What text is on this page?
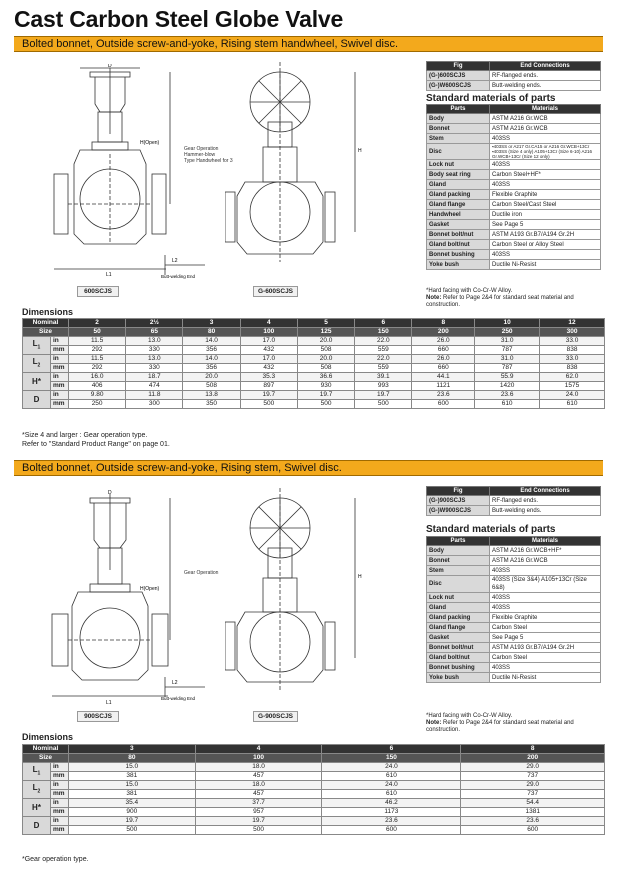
Cast Carbon Steel Globe Valve
Bolted bonnet, Outside screw-and-yoke, Rising stem handwheel, Swivel disc.
D
H(Open)
L1
L2
Butt-welding End
H
Gear Operation
Hammer-blow
Type Handwheel for 3
600SCJS	G-600SCJS
Fig	End Connections
(G-)600SCJS	RF-flanged ends.
(G-)W600SCJS	Butt-welding ends.
Standard materials of parts
Parts	Materials
Body	ASTM A216 Gr.WCB
Bonnet	ASTM A216 Gr.WCB
Stem	403SS
Disc	▪403SS or A217 Gr.CA15 or A216 Gr.WCB+13Cr ▪403SS (Size 4 only) A105+13Cr (Size 6-10) A216 Gr.WCB+13Cr (Size 12 only)
Lock nut	403SS
Body seat ring	Carbon Steel+HF*
Gland	403SS
Gland packing	Flexible Graphite
Gland flange	Carbon Steel/Cast Steel
Handwheel	Ductile iron
Gasket	See Page 5
Bonnet bolt/nut	ASTM A193 Gr.B7/A194 Gr.2H
Gland bolt/nut	Carbon Steel or Alloy Steel
Bonnet bushing	403SS
Yoke bush	Ductile Ni-Resist
*Hard facing with Co-Cr-W Alloy.
Note: Refer to Page 2&4 for standard seat material and construction.
Dimensions
Nominal		2	2½	3	4	5	6	8	10	12
Size		50	65	80	100	125	150	200	250	300
$L_1$	in	11.5	13.0	14.0	17.0	20.0	22.0	26.0	31.0	33.0
	mm	292	330	356	432	508	559	660	787	838
$L_2$	in	11.5	13.0	14.0	17.0	20.0	22.0	26.0	31.0	33.0
	mm	292	330	356	432	508	559	660	787	838
H*	in	16.0	18.7	20.0	35.3	36.6	39.1	44.1	55.9	62.0
	mm	406	474	508	897	930	993	1121	1420	1575
D	in	9.80	11.8	13.8	19.7	19.7	19.7	23.6	23.6	24.0
	mm	250	300	350	500	500	500	600	610	610
*Size 4 and larger : Gear operation type.
Refer to "Standard Product Range" on page 01.
Bolted bonnet, Outside screw-and-yoke, Rising stem, Swivel disc.
D
H(Open)
L1
L2
Butt-welding End
H
Gear Operation
900SCJS	G-900SCJS
Fig	End Connections
(G-)900SCJS	RF-flanged ends.
(G-)W900SCJS	Butt-welding ends.
Standard materials of parts
Parts	Materials
Body	ASTM A216 Gr.WCB+HF*
Bonnet	ASTM A216 Gr.WCB
Stem	403SS
Disc	403SS (Size 3&4) A105+13Cr (Size 6&8)
Lock nut	403SS
Gland	403SS
Gland packing	Flexible Graphite
Gland flange	Carbon Steel
Gasket	See Page 5
Bonnet bolt/nut	ASTM A193 Gr.B7/A194 Gr.2H
Gland bolt/nut	Carbon Steel
Bonnet bushing	403SS
Yoke bush	Ductile Ni-Resist
*Hard facing with Co-Cr-W Alloy.
Note: Refer to Page 2&4 for standard seat material and construction.
Dimensions
Nominal		3	4	6	8
Size		80	100	150	200
$L_1$	in	15.0	18.0	24.0	29.0
	mm	381	457	610	737
$L_2$	in	15.0	18.0	24.0	29.0
	mm	381	457	610	737
H*	in	35.4	37.7	46.2	54.4
	mm	900	957	1173	1381
D	in	19.7	19.7	23.6	23.6
	mm	500	500	600	600
*Gear operation type.
